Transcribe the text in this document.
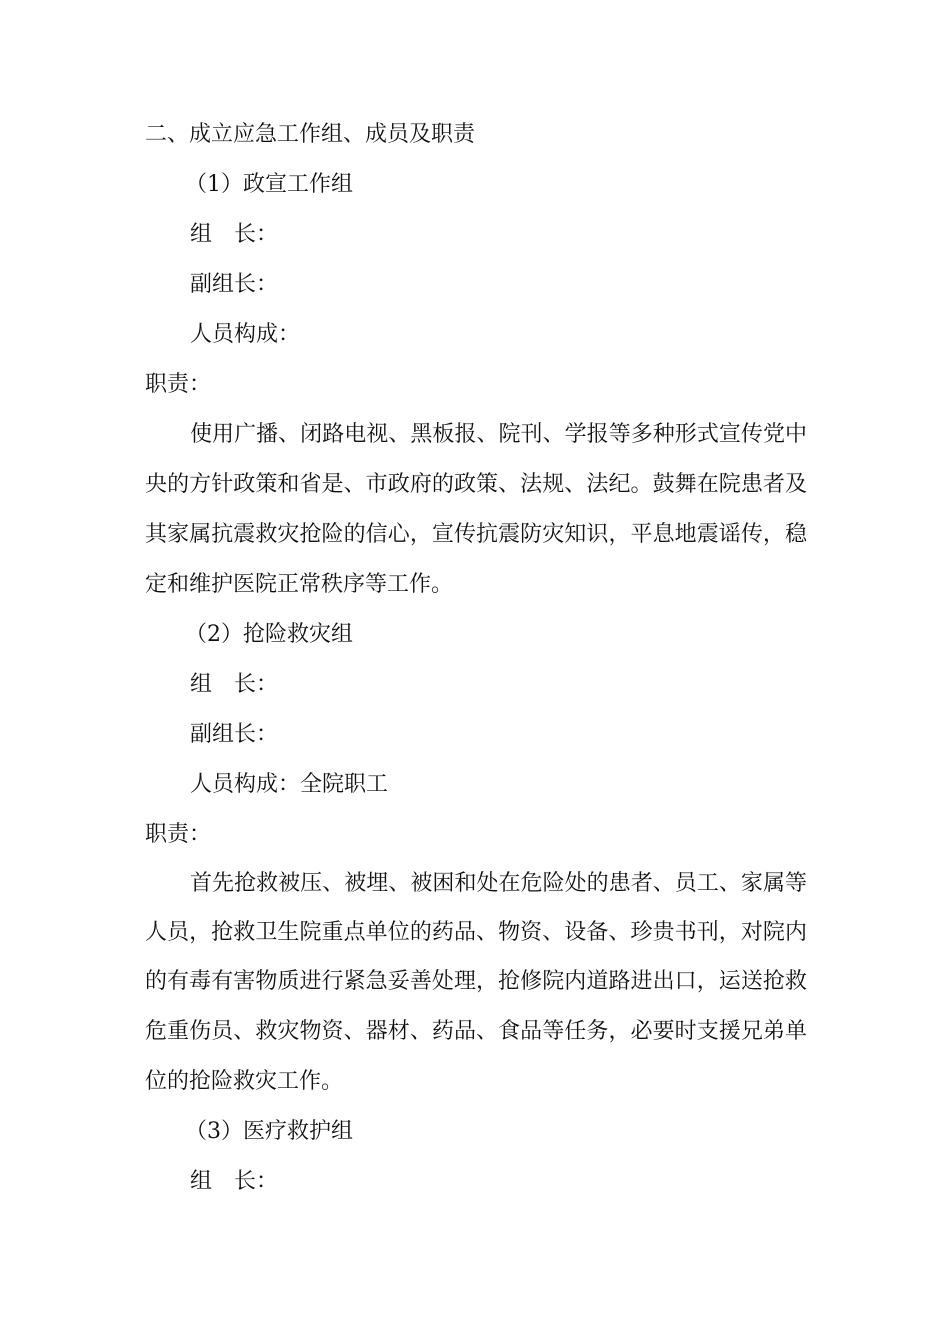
二、成立应急工作组、成员及职责
（1）政宣工作组
组　长：
副组长：
人员构成：
职责：
使用广播、闭路电视、黑板报、院刊、学报等多种形式宣传党中
央的方针政策和省是、市政府的政策、法规、法纪。鼓舞在院患者及
其家属抗震救灾抢险的信心，宣传抗震防灾知识，平息地震谣传，稳
定和维护医院正常秩序等工作。
（2）抢险救灾组
组　长：
副组长：
人员构成：全院职工
职责：
首先抢救被压、被埋、被困和处在危险处的患者、员工、家属等
人员，抢救卫生院重点单位的药品、物资、设备、珍贵书刊，对院内
的有毒有害物质进行紧急妥善处理，抢修院内道路进出口，运送抢救
危重伤员、救灾物资、器材、药品、食品等任务，必要时支援兄弟单
位的抢险救灾工作。
（3）医疗救护组
组　长：
